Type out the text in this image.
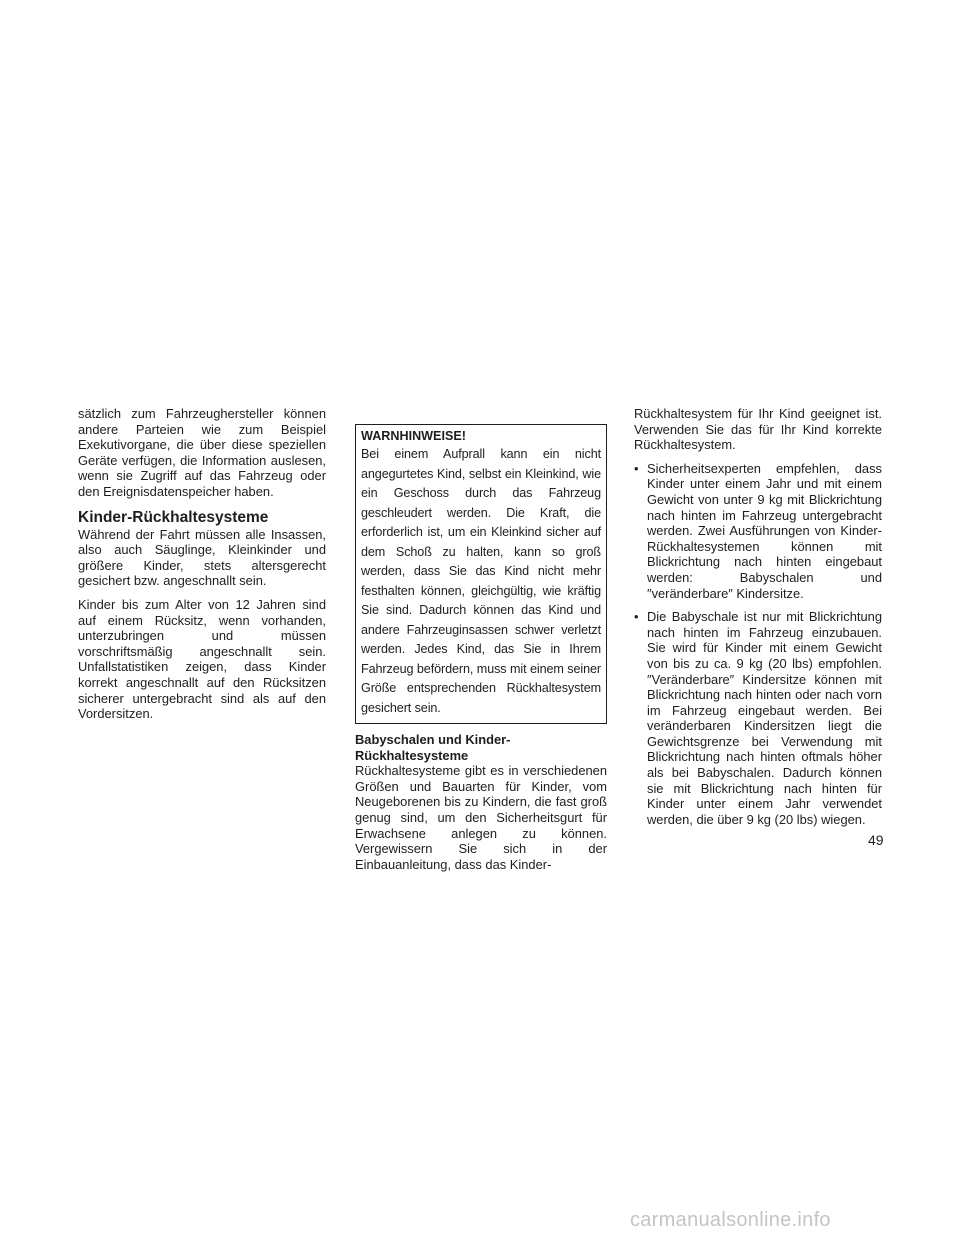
sätzlich zum Fahrzeughersteller können andere Parteien wie zum Beispiel Exekutivorgane, die über diese speziellen Geräte verfügen, die Information auslesen, wenn sie Zugriff auf das Fahrzeug oder den Ereignisdatenspeicher haben.

Kinder-Rückhaltesysteme

Während der Fahrt müssen alle Insassen, also auch Säuglinge, Kleinkinder und größere Kinder, stets altersgerecht gesichert bzw. angeschnallt sein.

Kinder bis zum Alter von 12 Jahren sind auf einem Rücksitz, wenn vorhanden, unterzubringen und müssen vorschriftsmäßig angeschnallt sein. Unfallstatistiken zeigen, dass Kinder korrekt angeschnallt auf den Rücksitzen sicherer untergebracht sind als auf den Vordersitzen.

WARNHINWEISE!

Bei einem Aufprall kann ein nicht angegurtetes Kind, selbst ein Kleinkind, wie ein Geschoss durch das Fahrzeug geschleudert werden. Die Kraft, die erforderlich ist, um ein Kleinkind sicher auf dem Schoß zu halten, kann so groß werden, dass Sie das Kind nicht mehr festhalten können, gleichgültig, wie kräftig Sie sind. Dadurch können das Kind und andere Fahrzeuginsassen schwer verletzt werden. Jedes Kind, das Sie in Ihrem Fahrzeug befördern, muss mit einem seiner Größe entsprechenden Rückhaltesystem gesichert sein.

Babyschalen und Kinder-Rückhaltesysteme

Rückhaltesysteme gibt es in verschiedenen Größen und Bauarten für Kinder, vom Neugeborenen bis zu Kindern, die fast groß genug sind, um den Sicherheitsgurt für Erwachsene anlegen zu können. Vergewissern Sie sich in der Einbauanleitung, dass das Kinder-

Rückhaltesystem für Ihr Kind geeignet ist. Verwenden Sie das für Ihr Kind korrekte Rückhaltesystem.

• Sicherheitsexperten empfehlen, dass Kinder unter einem Jahr und mit einem Gewicht von unter 9 kg mit Blickrichtung nach hinten im Fahrzeug untergebracht werden. Zwei Ausführungen von Kinder-Rückhaltesystemen können mit Blickrichtung nach hinten eingebaut werden: Babyschalen und ″veränderbare″ Kindersitze.

• Die Babyschale ist nur mit Blickrichtung nach hinten im Fahrzeug einzubauen. Sie wird für Kinder mit einem Gewicht von bis zu ca. 9 kg (20 lbs) empfohlen. ″Veränderbare″ Kindersitze können mit Blickrichtung nach hinten oder nach vorn im Fahrzeug eingebaut werden. Bei veränderbaren Kindersitzen liegt die Gewichtsgrenze bei Verwendung mit Blickrichtung nach hinten oftmals höher als bei Babyschalen. Dadurch können sie mit Blickrichtung nach hinten für Kinder unter einem Jahr verwendet werden, die über 9 kg (20 lbs) wiegen.

49
carmanualsonline.info
